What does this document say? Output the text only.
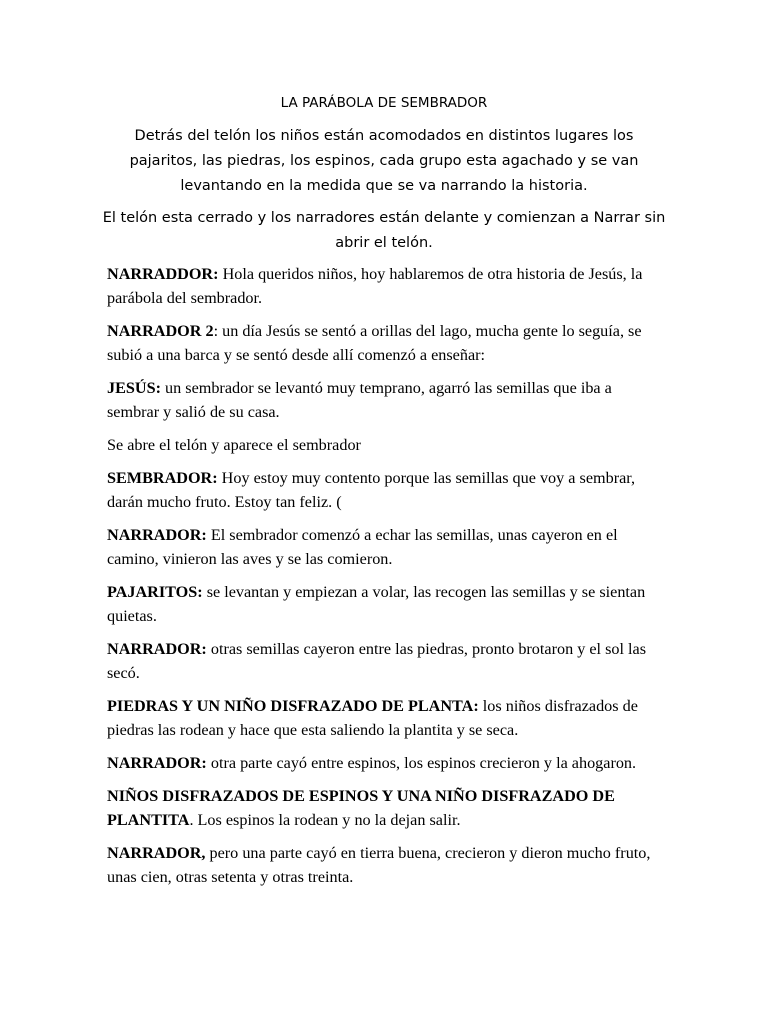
LA PARÁBOLA DE SEMBRADOR

Detrás del telón los niños están acomodados en distintos lugares los pajaritos, las piedras, los espinos, cada grupo esta agachado y se van levantando en la medida que se va narrando la historia.

El telón esta cerrado y los narradores están delante y comienzan a Narrar sin abrir el telón.

NARRADDOR: Hola queridos niños, hoy hablaremos de otra historia de Jesús, la parábola del sembrador.

NARRADOR 2: un día Jesús se sentó a orillas del lago, mucha gente lo seguía, se subió a una barca y se sentó desde allí comenzó a enseñar:

JESÚS: un sembrador se levantó muy temprano, agarró las semillas que iba a sembrar y salió de su casa.

Se abre el telón y aparece el sembrador

SEMBRADOR: Hoy estoy muy contento porque las semillas que voy a sembrar, darán mucho fruto. Estoy tan feliz. (

NARRADOR: El sembrador comenzó a echar las semillas, unas cayeron en el camino, vinieron las aves y se las comieron.

PAJARITOS: se levantan y empiezan a volar, las recogen las semillas y se sientan quietas.

NARRADOR: otras semillas cayeron entre las piedras, pronto brotaron y el sol las secó.

PIEDRAS Y UN NIÑO DISFRAZADO DE PLANTA: los niños disfrazados de piedras las rodean y hace que esta saliendo la plantita y se seca.

NARRADOR: otra parte cayó entre espinos, los espinos crecieron y la ahogaron.

NIÑOS DISFRAZADOS DE ESPINOS Y UNA NIÑO DISFRAZADO DE PLANTITA. Los espinos la rodean y no la dejan salir.

NARRADOR, pero una parte cayó en tierra buena, crecieron y dieron mucho fruto, unas cien, otras setenta y otras treinta.
